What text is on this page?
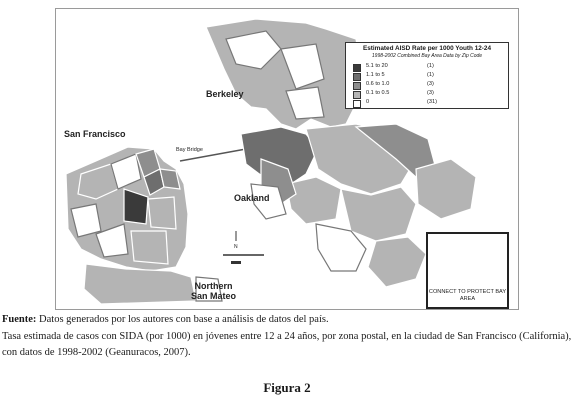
Berkeley
San Francisco
Bay Bridge
Oakland
Northern
San Mateo
N
Estimated AISD Rate per 1000 Youth 12-24
1998-2002 Combined Bay Area Data by Zip Code
5.1 to 20	(1)
1.1 to 5	(1)
0.6 to 1.0	(3)
0.1 to 0.5	(3)
0	(31)
CONNECT TO PROTECT BAY AREA
Fuente: Datos generados por los autores con base a análisis de datos del país.
Tasa estimada de casos con SIDA (por 1000) en jóvenes entre 12 a 24 años, por zona postal, en la ciudad de San Francisco (California), con datos de 1998-2002 (Geanuracos, 2007).
Figura 2
